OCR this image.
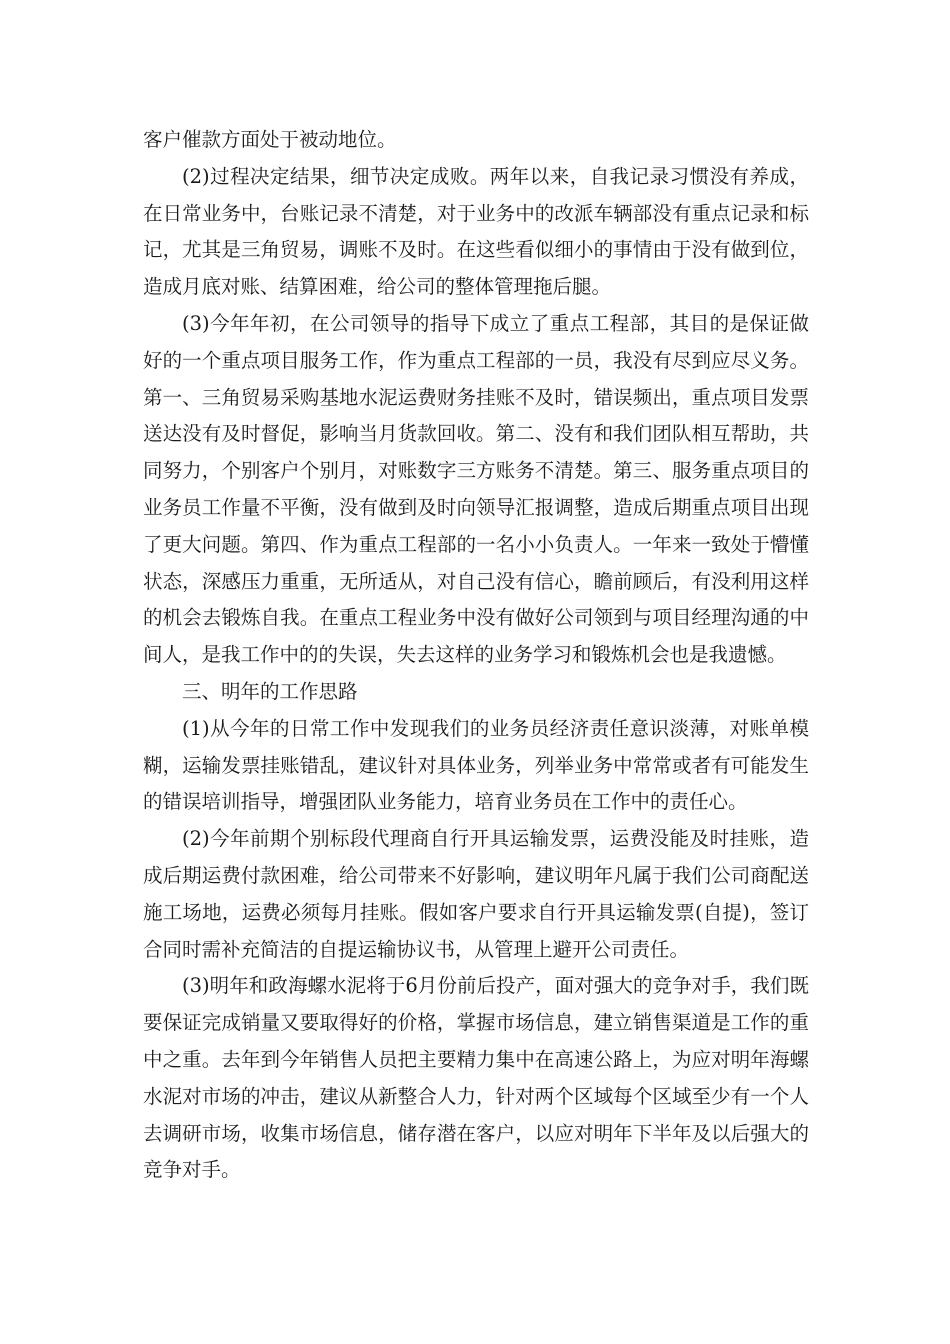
客户催款方面处于被动地位。

(2)过程决定结果，细节决定成败。两年以来，自我记录习惯没有养成，在日常业务中，台账记录不清楚，对于业务中的改派车辆部没有重点记录和标记，尤其是三角贸易，调账不及时。在这些看似细小的事情由于没有做到位，造成月底对账、结算困难，给公司的整体管理拖后腿。

(3)今年年初，在公司领导的指导下成立了重点工程部，其目的是保证做好的一个重点项目服务工作，作为重点工程部的一员，我没有尽到应尽义务。第一、三角贸易采购基地水泥运费财务挂账不及时，错误频出，重点项目发票送达没有及时督促，影响当月货款回收。第二、没有和我们团队相互帮助，共同努力，个别客户个别月，对账数字三方账务不清楚。第三、服务重点项目的业务员工作量不平衡，没有做到及时向领导汇报调整，造成后期重点项目出现了更大问题。第四、作为重点工程部的一名小小负责人。一年来一致处于懵懂状态，深感压力重重，无所适从，对自己没有信心，瞻前顾后，有没利用这样的机会去锻炼自我。在重点工程业务中没有做好公司领到与项目经理沟通的中间人，是我工作中的的失误，失去这样的业务学习和锻炼机会也是我遗憾。

三、明年的工作思路

(1)从今年的日常工作中发现我们的业务员经济责任意识淡薄，对账单模糊，运输发票挂账错乱，建议针对具体业务，列举业务中常常或者有可能发生的错误培训指导，增强团队业务能力，培育业务员在工作中的责任心。

(2)今年前期个别标段代理商自行开具运输发票，运费没能及时挂账，造成后期运费付款困难，给公司带来不好影响，建议明年凡属于我们公司商配送施工场地，运费必须每月挂账。假如客户要求自行开具运输发票(自提)，签订合同时需补充简洁的自提运输协议书，从管理上避开公司责任。

(3)明年和政海螺水泥将于6月份前后投产，面对强大的竞争对手，我们既要保证完成销量又要取得好的价格，掌握市场信息，建立销售渠道是工作的重中之重。去年到今年销售人员把主要精力集中在高速公路上，为应对明年海螺水泥对市场的冲击，建议从新整合人力，针对两个区域每个区域至少有一个人去调研市场，收集市场信息，储存潜在客户，以应对明年下半年及以后强大的竞争对手。
